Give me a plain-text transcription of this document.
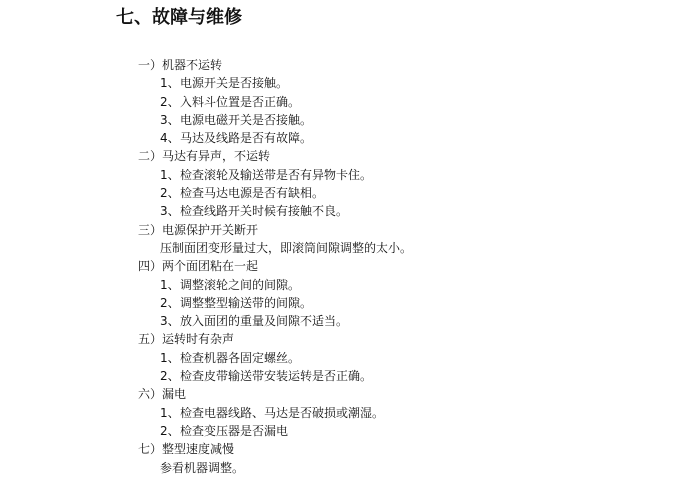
七、故障与维修
一）机器不运转
1、电源开关是否接触。
2、入料斗位置是否正确。
3、电源电磁开关是否接触。
4、马达及线路是否有故障。
二）马达有异声，不运转
1、检查滚轮及输送带是否有异物卡住。
2、检查马达电源是否有缺相。
3、检查线路开关时候有接触不良。
三）电源保护开关断开
压制面团变形量过大，即滚筒间隙调整的太小。
四）两个面团粘在一起
1、调整滚轮之间的间隙。
2、调整整型输送带的间隙。
3、放入面团的重量及间隙不适当。
五）运转时有杂声
1、检查机器各固定螺丝。
2、检查皮带输送带安装运转是否正确。
六）漏电
1、检查电器线路、马达是否破损或潮湿。
2、检查变压器是否漏电
七）整型速度减慢
参看机器调整。
